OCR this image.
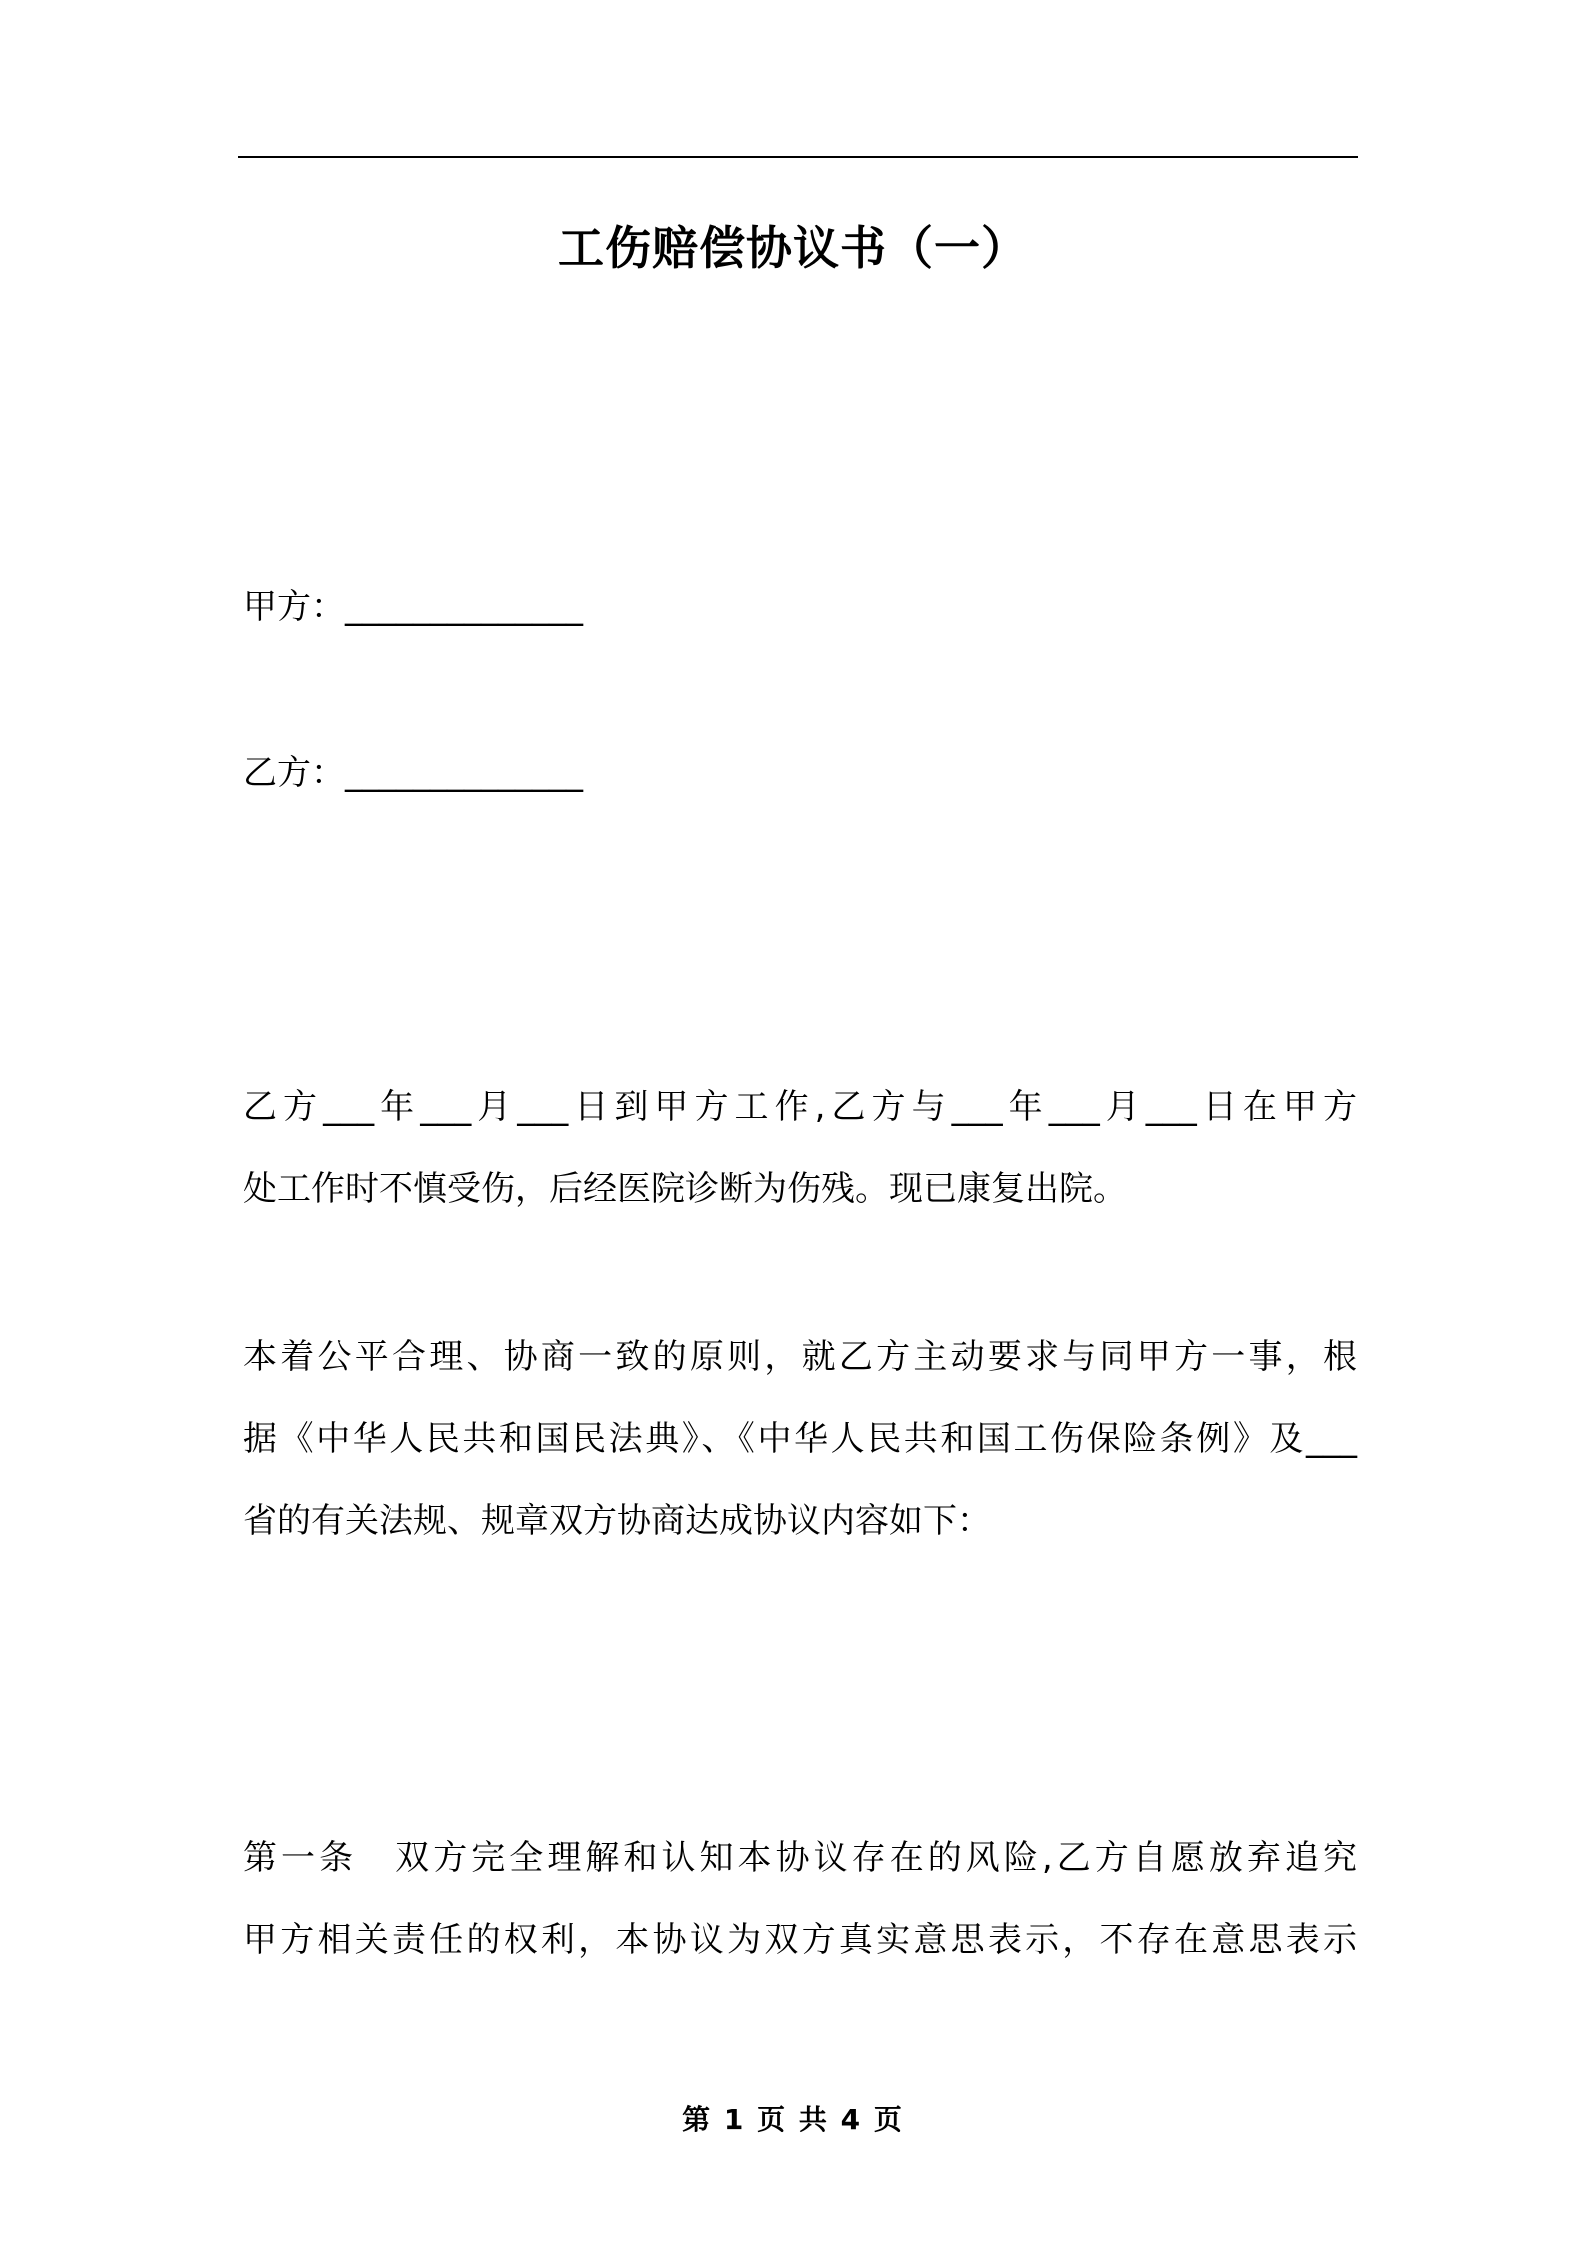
工伤赔偿协议书（一）
甲方：______________
乙方：______________
乙方___年___月___日到甲方工作,乙方与___年___月___日在甲方
处工作时不慎受伤，后经医院诊断为伤残。现已康复出院。
本着公平合理、协商一致的原则，就乙方主动要求与同甲方一事，根
据《中华人民共和国民法典》、《中华人民共和国工伤保险条例》及___
省的有关法规、规章双方协商达成协议内容如下：
第一条　双方完全理解和认知本协议存在的风险,乙方自愿放弃追究
甲方相关责任的权利，本协议为双方真实意思表示，不存在意思表示
第 1 页 共 4 页
